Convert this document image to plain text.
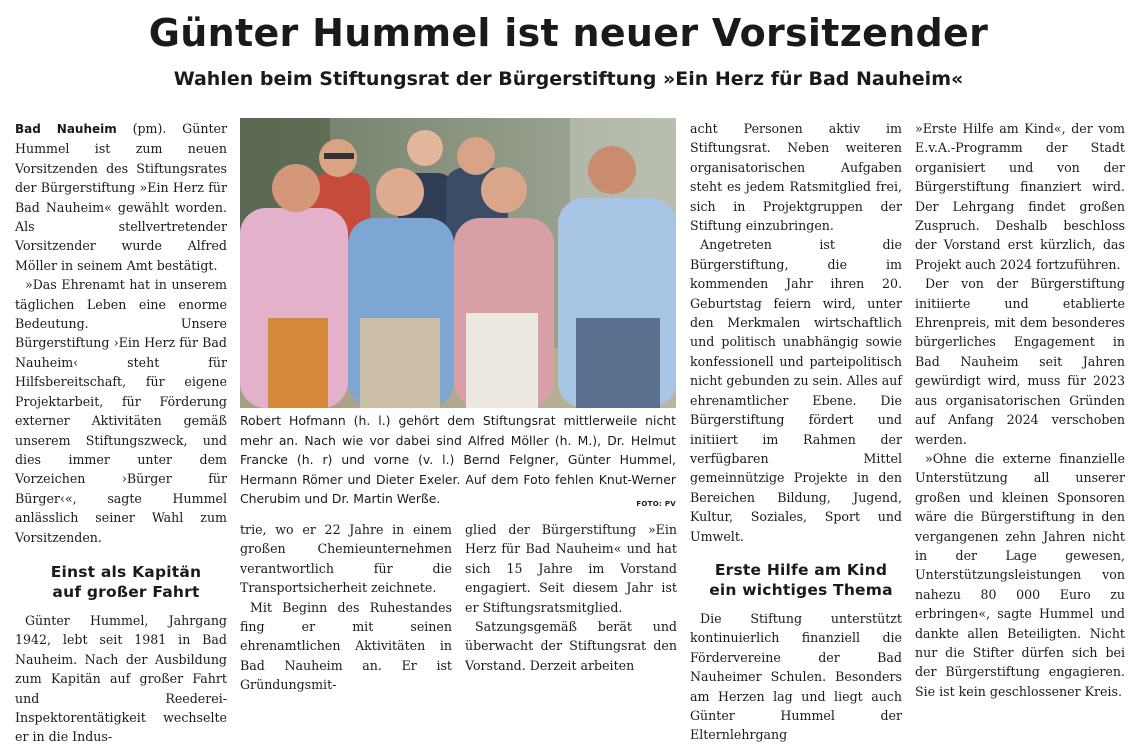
Günter Hummel ist neuer Vorsitzender
Wahlen beim Stiftungsrat der Bürgerstiftung »Ein Herz für Bad Nauheim«

Bad Nauheim (pm). Günter Hummel ist zum neuen Vorsitzenden des Stiftungsrates der Bürgerstiftung »Ein Herz für Bad Nauheim« gewählt worden. Als stellvertretender Vorsitzender wurde Alfred Möller in seinem Amt bestätigt.

»Das Ehrenamt hat in unserem täglichen Leben eine enorme Bedeutung. Unsere Bürgerstiftung ›Ein Herz für Bad Nauheim‹ steht für Hilfsbereitschaft, für eigene Projektarbeit, für Förderung externer Aktivitäten gemäß unserem Stiftungszweck, und dies immer unter dem Vorzeichen ›Bürger für Bürger‹«, sagte Hummel anlässlich seiner Wahl zum Vorsitzenden.

Einst als Kapitän

auf großer Fahrt

Günter Hummel, Jahrgang 1942, lebt seit 1981 in Bad Nauheim. Nach der Ausbildung zum Kapitän auf großer Fahrt und Reederei-Inspektorentätigkeit wechselte er in die Indus-

Robert Hofmann (h. l.) gehört dem Stiftungsrat mittlerweile nicht mehr an. Nach wie vor dabei sind Alfred Möller (h. M.), Dr. Helmut Francke (h. r) und vorne (v. l.) Bernd Felgner, Günter Hummel, Hermann Römer und Dieter Exeler. Auf dem Foto fehlen Knut-Werner Cherubim und Dr. Martin Werße.	FOTO: PV

trie, wo er 22 Jahre in einem großen Chemieunternehmen verantwortlich für die Transportsicherheit zeichnete.

Mit Beginn des Ruhestandes fing er mit seinen ehrenamtlichen Aktivitäten in Bad Nauheim an. Er ist Gründungsmit-

glied der Bürgerstiftung »Ein Herz für Bad Nauheim« und hat sich 15 Jahre im Vorstand engagiert. Seit diesem Jahr ist er Stiftungsratsmitglied.

Satzungsgemäß berät und überwacht der Stiftungsrat den Vorstand. Derzeit arbeiten

acht Personen aktiv im Stiftungsrat. Neben weiteren organisatorischen Aufgaben steht es jedem Ratsmitglied frei, sich in Projektgruppen der Stiftung einzubringen.

Angetreten ist die Bürgerstiftung, die im kommenden Jahr ihren 20. Geburtstag feiern wird, unter den Merkmalen wirtschaftlich und politisch unabhängig sowie konfessionell und parteipolitisch nicht gebunden zu sein. Alles auf ehrenamtlicher Ebene. Die Bürgerstiftung fördert und initiiert im Rahmen der verfügbaren Mittel gemeinnützige Projekte in den Bereichen Bildung, Jugend, Kultur, Soziales, Sport und Umwelt.

Erste Hilfe am Kind

ein wichtiges Thema

Die Stiftung unterstützt kontinuierlich finanziell die Fördervereine der Bad Nauheimer Schulen. Besonders am Herzen lag und liegt auch Günter Hummel der Elternlehrgang

»Erste Hilfe am Kind«, der vom E.v.A.-Programm der Stadt organisiert und von der Bürgerstiftung finanziert wird. Der Lehrgang findet großen Zuspruch. Deshalb beschloss der Vorstand erst kürzlich, das Projekt auch 2024 fortzuführen.

Der von der Bürgerstiftung initiierte und etablierte Ehrenpreis, mit dem besonderes bürgerliches Engagement in Bad Nauheim seit Jahren gewürdigt wird, muss für 2023 aus organisatorischen Gründen auf Anfang 2024 verschoben werden.

»Ohne die externe finanzielle Unterstützung all unserer großen und kleinen Sponsoren wäre die Bürgerstiftung in den vergangenen zehn Jahren nicht in der Lage gewesen, Unterstützungsleistungen von nahezu 80 000 Euro zu erbringen«, sagte Hummel und dankte allen Beteiligten. Nicht nur die Stifter dürfen sich bei der Bürgerstiftung engagieren. Sie ist kein geschlossener Kreis.
